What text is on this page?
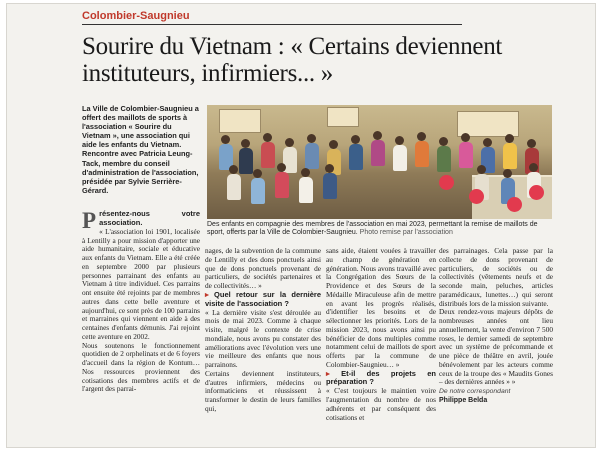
Colombier-Saugnieu
Sourire du Vietnam : « Certains deviennent instituteurs, infirmiers... »
La Ville de Colombier-Saugnieu a offert des maillots de sports à l'association « Sourire du Vietnam », une association qui aide les enfants du Vietnam. Rencontre avec Patricia Leung-Tack, membre du conseil d'administration de l'association, présidée par Sylvie Serrière-Gérard.
Des enfants en compagnie des membres de l'association en mai 2023, permettant la remise de maillots de sport, offerts par la Ville de Colombier-Saugnieu. Photo remise par l'association

Présentez-nous votre association.

« L'association loi 1901, localisée à Lentilly a pour mission d'apporter une aide humanitaire, sociale et éducative aux enfants du Vietnam. Elle a été créée en septembre 2000 par plusieurs personnes parrainant des enfants au Vietnam à titre individuel. Ces parrains ont ensuite été rejoints par de membres autres dans cette belle aventure et aujourd'hui, ce sont près de 100 parrains et marraines qui viennent en aide à des centaines d'enfants démunis. J'ai rejoint cette aventure en 2002.

Nous soutenons le fonctionnement quotidien de 2 orphelinats et de 6 foyers d'accueil dans la région de Kontum… Nos ressources proviennent des cotisations des membres actifs et de l'argent des parrai-

nages, de la subvention de la commune de Lentilly et des dons ponctuels ainsi que de dons ponctuels provenant de particuliers, de sociétés partenaires et de collectivités… »

▸ Quel retour sur la dernière visite de l'association ?

« La dernière visite s'est déroulée au mois de mai 2023. Comme à chaque visite, malgré le contexte de crise mondiale, nous avons pu constater des améliorations avec l'évolution vers une vie meilleure des enfants que nous parrainons.

Certains deviennent instituteurs, d'autres infirmiers, médecins ou informaticiens et réussissent à transformer le destin de leurs familles qui,

sans aide, étaient vouées à travailler au champ de génération en génération. Nous avons travaillé avec la Congrégation des Sœurs de la Providence et des Sœurs de la Médaille Miraculeuse afin de mettre en avant les progrès réalisés, d'identifier les besoins et de sélectionner les priorités. Lors de la mission 2023, nous avons ainsi pu bénéficier de dons multiples comme notamment celui de maillots de sport offerts par la commune de Colombier-Saugnieu… »

▸ Et-il des projets en préparation ?

« C'est toujours le maintien voire l'augmentation du nombre de nos adhérents et par conséquent des cotisations et

des parrainages. Cela passe par la collecte de dons provenant de particuliers, de sociétés ou de collectivités (vêtements neufs et de seconde main, peluches, articles paramédicaux, lunettes…) qui seront distribués lors de la mission suivante.

Deux rendez-vous majeurs dépôts de nombreuses années ont lieu annuellement, la vente d'environ 7 500 roses, le dernier samedi de septembre avec un système de précommande et une pièce de théâtre en avril, jouée bénévolement par les acteurs comme ceux de la troupe des « Maudits Gones – des dernières années » »

De notre correspondant
Philippe Belda
